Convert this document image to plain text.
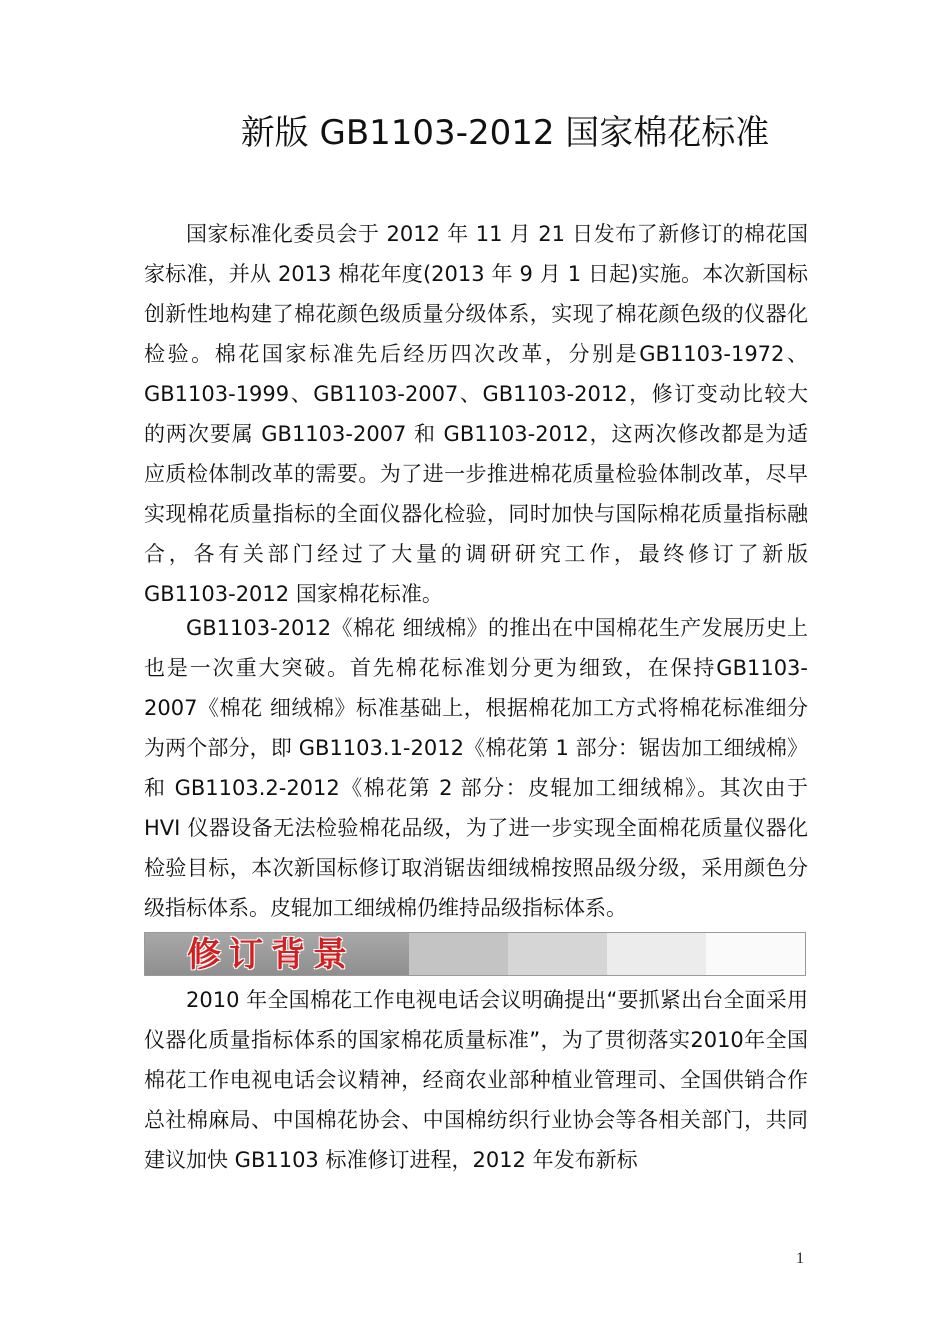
新版 GB1103-2012 国家棉花标准

国家标准化委员会于 2012 年 11 月 21 日发布了新修订的棉花国家标准，并从 2013 棉花年度(2013 年 9 月 1 日起)实施。本次新国标创新性地构建了棉花颜色级质量分级体系，实现了棉花颜色级的仪器化检验。棉花国家标准先后经历四次改革，分别是GB1103-1972、GB1103-1999、GB1103-2007、GB1103-2012，修订变动比较大的两次要属 GB1103-2007 和 GB1103-2012，这两次修改都是为适应质检体制改革的需要。为了进一步推进棉花质量检验体制改革，尽早实现棉花质量指标的全面仪器化检验，同时加快与国际棉花质量指标融合，各有关部门经过了大量的调研研究工作，最终修订了新版 GB1103-2012 国家棉花标准。

GB1103-2012《棉花 细绒棉》的推出在中国棉花生产发展历史上也是一次重大突破。首先棉花标准划分更为细致，在保持GB1103-2007《棉花 细绒棉》标准基础上，根据棉花加工方式将棉花标准细分为两个部分，即 GB1103.1-2012《棉花第 1 部分：锯齿加工细绒棉》和 GB1103.2-2012《棉花第 2 部分：皮辊加工细绒棉》。其次由于 HVI 仪器设备无法检验棉花品级，为了进一步实现全面棉花质量仪器化检验目标，本次新国标修订取消锯齿细绒棉按照品级分级，采用颜色分级指标体系。皮辊加工细绒棉仍维持品级指标体系。

修订背景

2010 年全国棉花工作电视电话会议明确提出“要抓紧出台全面采用仪器化质量指标体系的国家棉花质量标准”，为了贯彻落实2010年全国棉花工作电视电话会议精神，经商农业部种植业管理司、全国供销合作总社棉麻局、中国棉花协会、中国棉纺织行业协会等各相关部门，共同建议加快 GB1103 标准修订进程，2012 年发布新标

1
